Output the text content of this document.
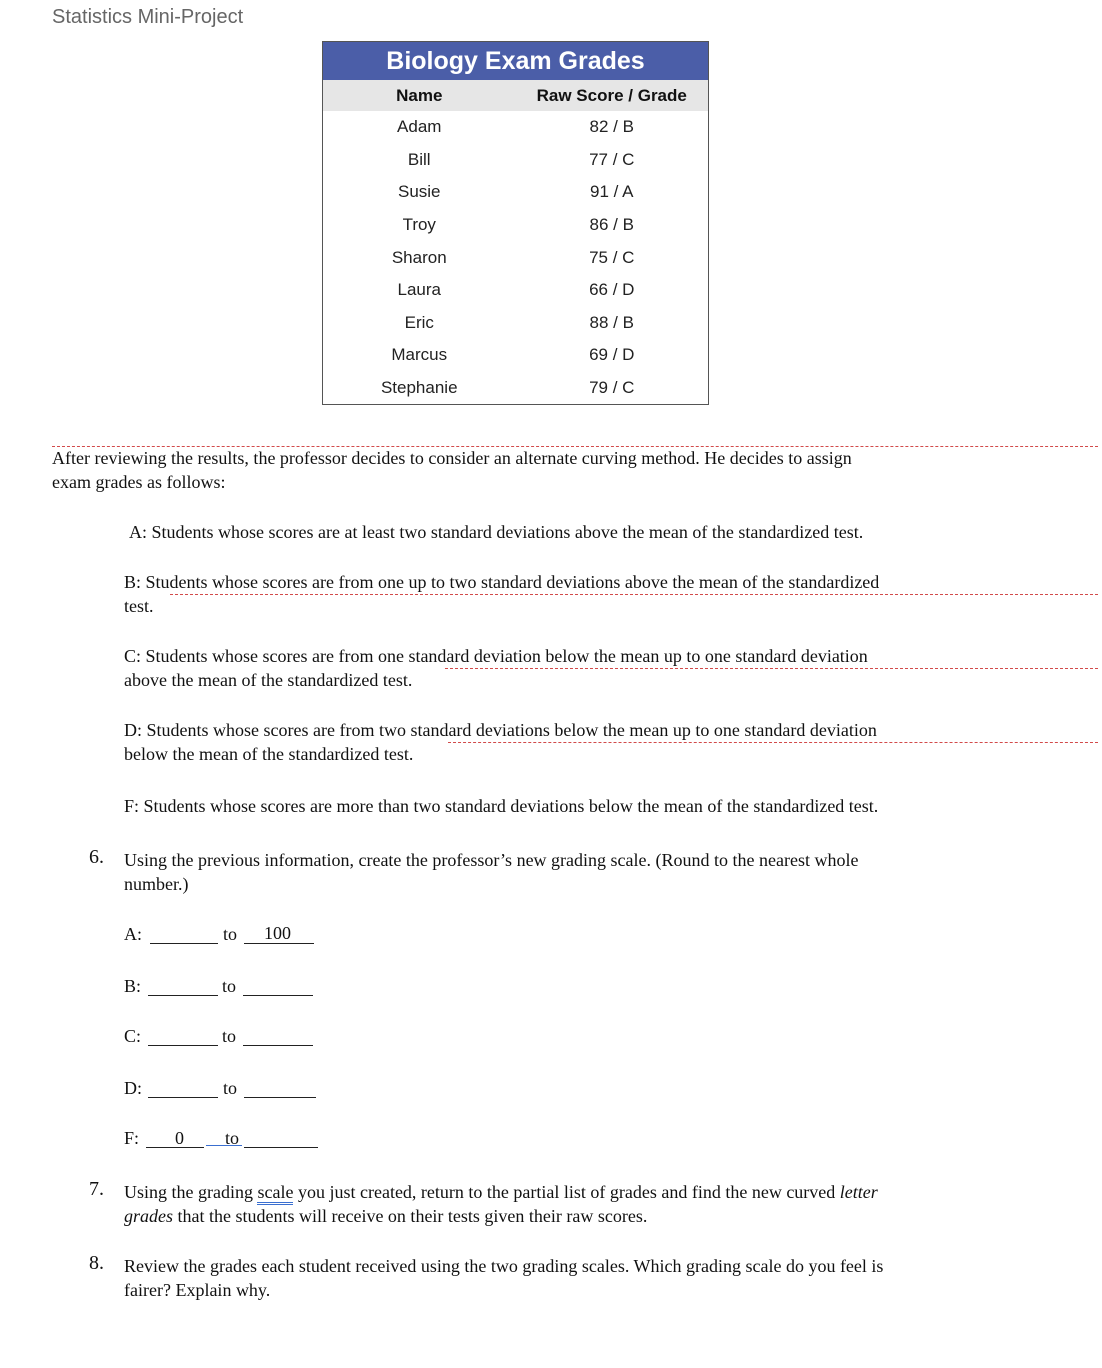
Statistics Mini-Project
Biology Exam Grades
Name	Raw Score / Grade
Adam	82 / B
Bill	77 / C
Susie	91 / A
Troy	86 / B
Sharon	75 / C
Laura	66 / D
Eric	88 / B
Marcus	69 / D
Stephanie	79 / C
After reviewing the results, the professor decides to consider an alternate curving method. He decides to assign
exam grades as follows:
A: Students whose scores are at least two standard deviations above the mean of the standardized test.
B: Students whose scores are from one up to two standard deviations above the mean of the standardized
test.
C: Students whose scores are from one standard deviation below the mean up to one standard deviation
above the mean of the standardized test.
D: Students whose scores are from two standard deviations below the mean up to one standard deviation
below the mean of the standardized test.
F: Students whose scores are more than two standard deviations below the mean of the standardized test.
6. Using the previous information, create the professor’s new grading scale. (Round to the nearest whole
number.)
A:	to 100
B:	to
C:	to
D:	to
F: 0 to
7. Using the grading scale you just created, return to the partial list of grades and find the new curved letter
grades that the students will receive on their tests given their raw scores.
8. Review the grades each student received using the two grading scales. Which grading scale do you feel is
fairer? Explain why.
